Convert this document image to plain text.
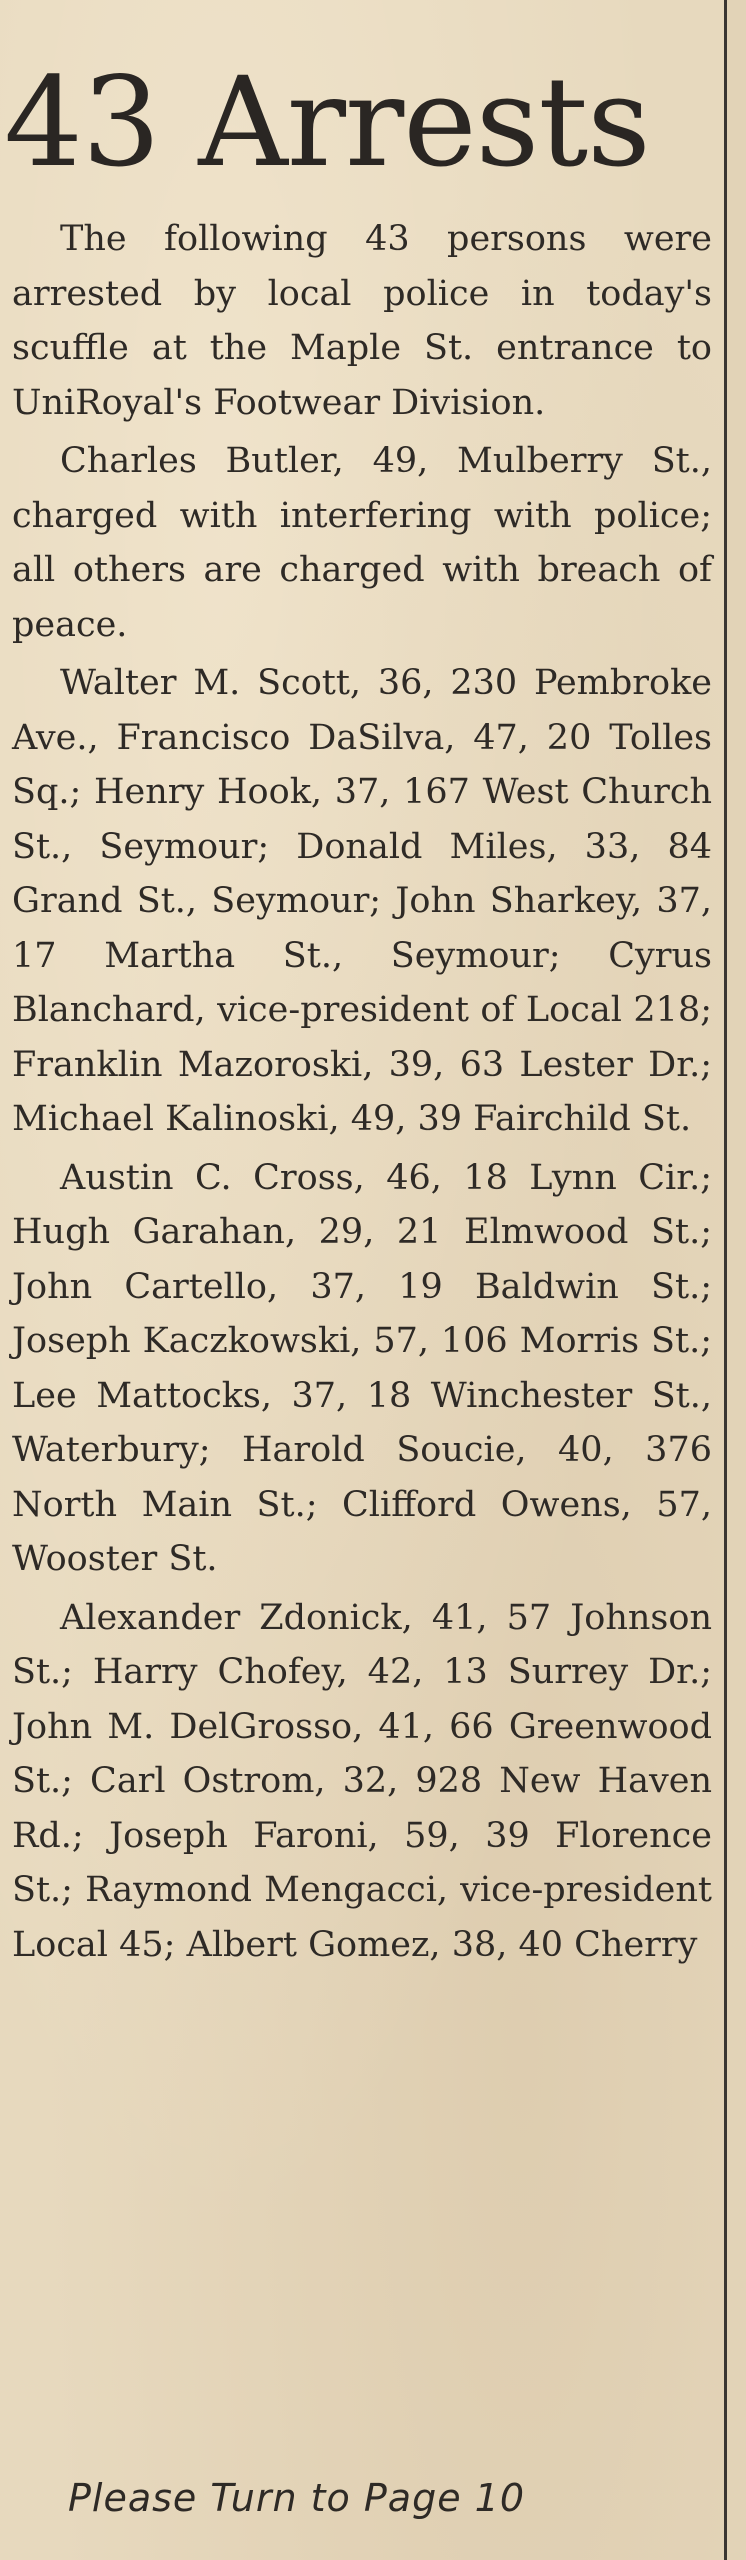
43 Arrests

The following 43 persons were arrested by local police in today's scuffle at the Maple St. entrance to UniRoyal's Footwear Division.

Charles Butler, 49, Mulberry St., charged with interfering with police; all others are charged with breach of peace.

Walter M. Scott, 36, 230 Pembroke Ave., Francisco DaSilva, 47, 20 Tolles Sq.; Henry Hook, 37, 167 West Church St., Seymour; Donald Miles, 33, 84 Grand St., Seymour; John Sharkey, 37, 17 Martha St., Seymour; Cyrus Blanchard, vice-president of Local 218; Franklin Mazoroski, 39, 63 Lester Dr.; Michael Kalinoski, 49, 39 Fairchild St.

Austin C. Cross, 46, 18 Lynn Cir.; Hugh Garahan, 29, 21 Elmwood St.; John Cartello, 37, 19 Baldwin St.; Joseph Kaczkowski, 57, 106 Morris St.; Lee Mattocks, 37, 18 Winchester St., Waterbury; Harold Soucie, 40, 376 North Main St.; Clifford Owens, 57, Wooster St.

Alexander Zdonick, 41, 57 Johnson St.; Harry Chofey, 42, 13 Surrey Dr.; John M. DelGrosso, 41, 66 Greenwood St.; Carl Ostrom, 32, 928 New Haven Rd.; Joseph Faroni, 59, 39 Florence St.; Raymond Mengacci, vice-president Local 45; Albert Gomez, 38, 40 Cherry

Please Turn to Page 10
